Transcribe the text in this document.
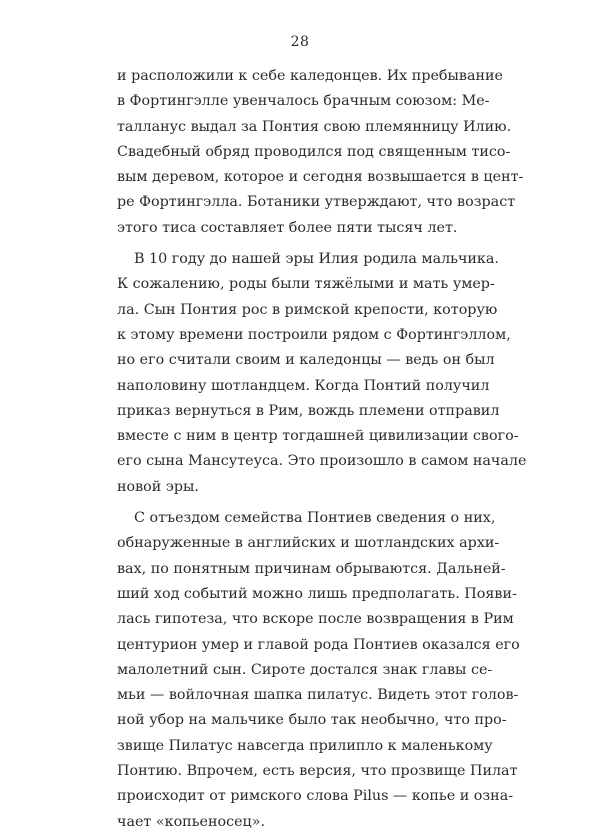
28
и расположили к себе каледонцев. Их пребывание
в Фортингэлле увенчалось брачным союзом: Ме-
талланус выдал за Понтия свою племянницу Илию.
Свадебный обряд проводился под священным тисо-
вым деревом, которое и сегодня возвышается в цент-
ре Фортингэлла. Ботаники утверждают, что возраст
этого тиса составляет более пяти тысяч лет.
В 10 году до нашей эры Илия родила мальчика.
К сожалению, роды были тяжёлыми и мать умер-
ла. Сын Понтия рос в римской крепости, которую
к этому времени построили рядом с Фортингэллом,
но его считали своим и каледонцы — ведь он был
наполовину шотландцем. Когда Понтий получил
приказ вернуться в Рим, вождь племени отправил
вместе с ним в центр тогдашней цивилизации свого-
его сына Мансутеуса. Это произошло в самом начале
новой эры.
С отъездом семейства Понтиев сведения о них,
обнаруженные в английских и шотландских архи-
вах, по понятным причинам обрываются. Дальней-
ший ход событий можно лишь предполагать. Появи-
лась гипотеза, что вскоре после возвращения в Рим
центурион умер и главой рода Понтиев оказался его
малолетний сын. Сироте достался знак главы се-
мьи — войлочная шапка пилатус. Видеть этот голов-
ной убор на мальчике было так необычно, что про-
звище Пилатус навсегда прилипло к маленькому
Понтию. Впрочем, есть версия, что прозвище Пилат
происходит от римского слова Pilus — копье и озна-
чает «копьеносец».
